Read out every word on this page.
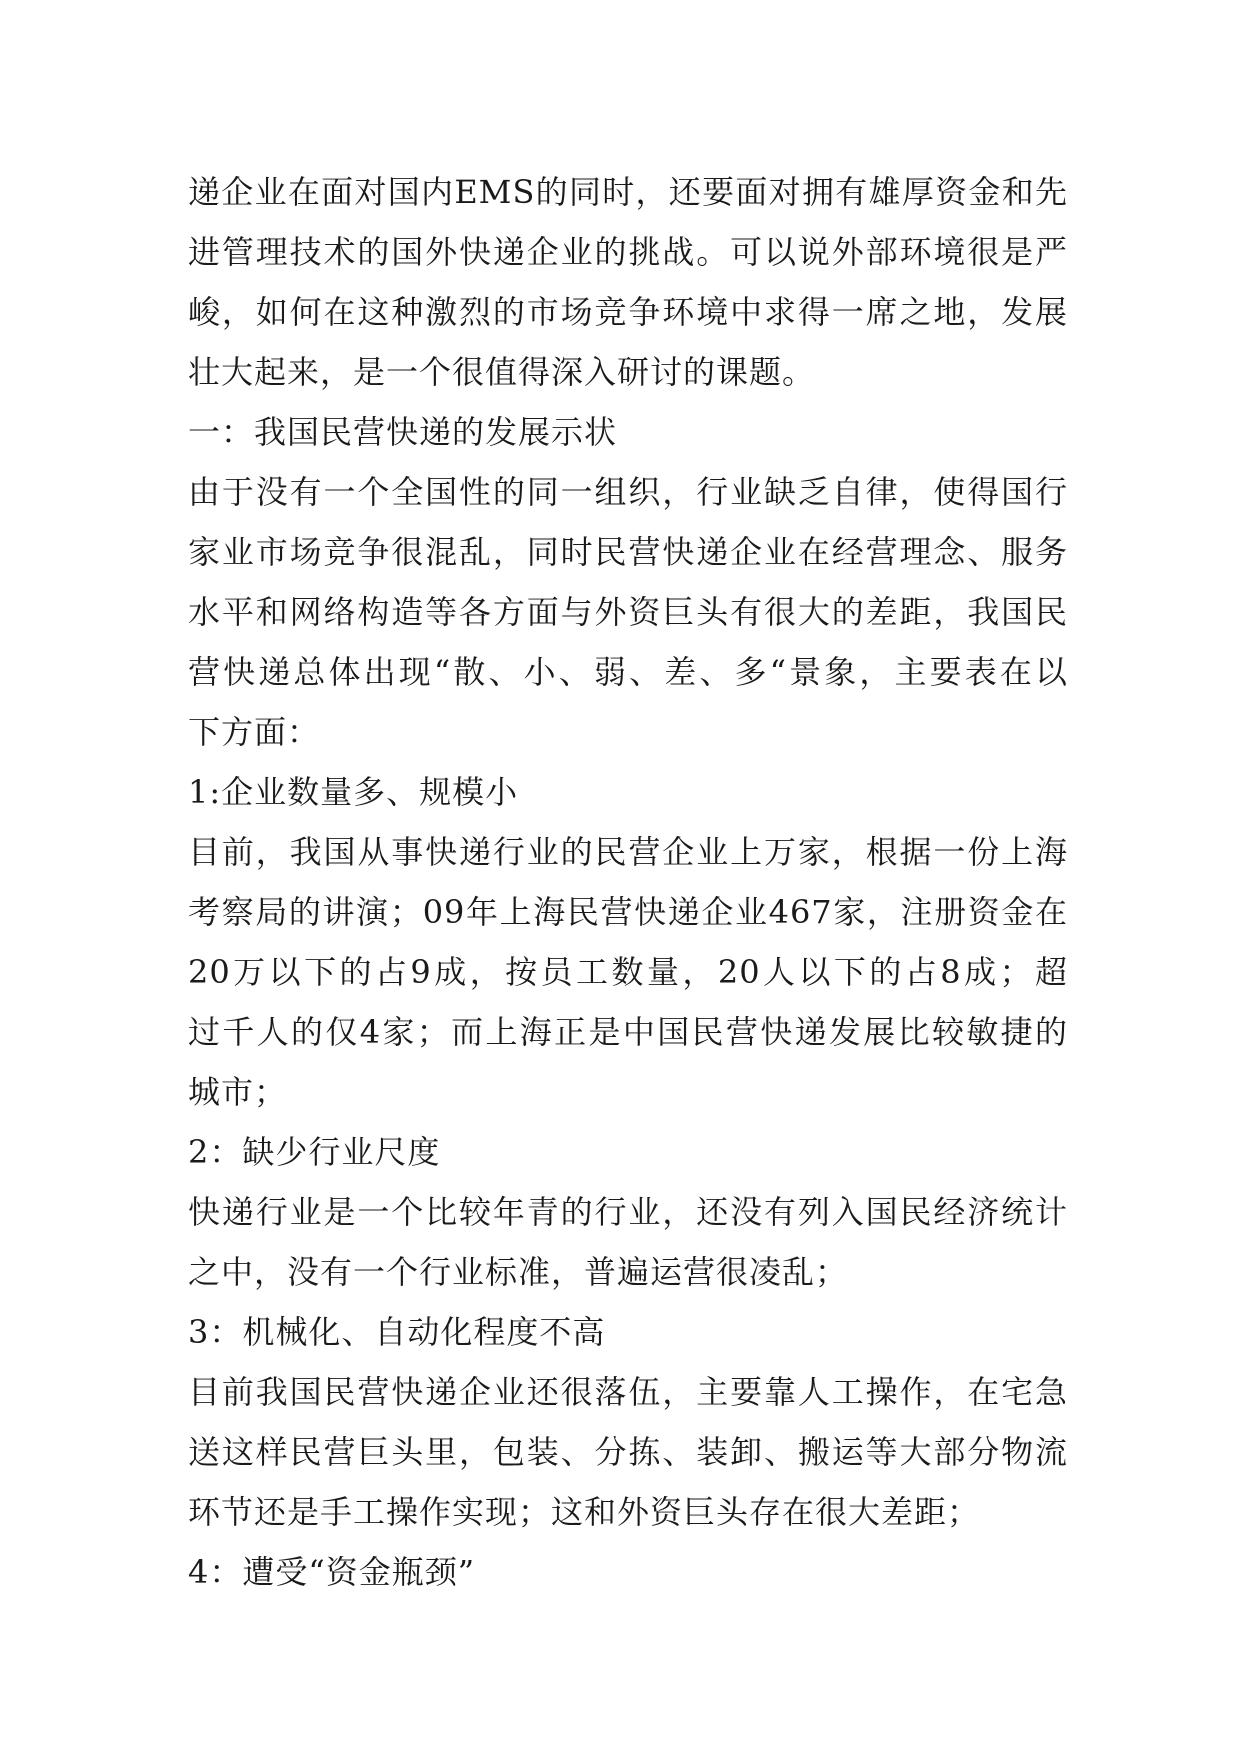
递企业在面对国内EMS的同时，还要面对拥有雄厚资金和先
进管理技术的国外快递企业的挑战。可以说外部环境很是严
峻，如何在这种激烈的市场竞争环境中求得一席之地，发展
壮大起来，是一个很值得深入研讨的课题。
一：我国民营快递的发展示状
由于没有一个全国性的同一组织，行业缺乏自律，使得国行
家业市场竞争很混乱，同时民营快递企业在经营理念、服务
水平和网络构造等各方面与外资巨头有很大的差距，我国民
营快递总体出现“散、小、弱、差、多“景象，主要表在以
下方面：
1:企业数量多、规模小
目前，我国从事快递行业的民营企业上万家，根据一份上海
考察局的讲演；09年上海民营快递企业467家，注册资金在
20万以下的占9成，按员工数量，20人以下的占8成；超
过千人的仅4家；而上海正是中国民营快递发展比较敏捷的
城市；
2：缺少行业尺度
快递行业是一个比较年青的行业，还没有列入国民经济统计
之中，没有一个行业标准，普遍运营很凌乱；
3：机械化、自动化程度不高
目前我国民营快递企业还很落伍，主要靠人工操作，在宅急
送这样民营巨头里，包装、分拣、装卸、搬运等大部分物流
环节还是手工操作实现；这和外资巨头存在很大差距；
4：遭受“资金瓶颈”
